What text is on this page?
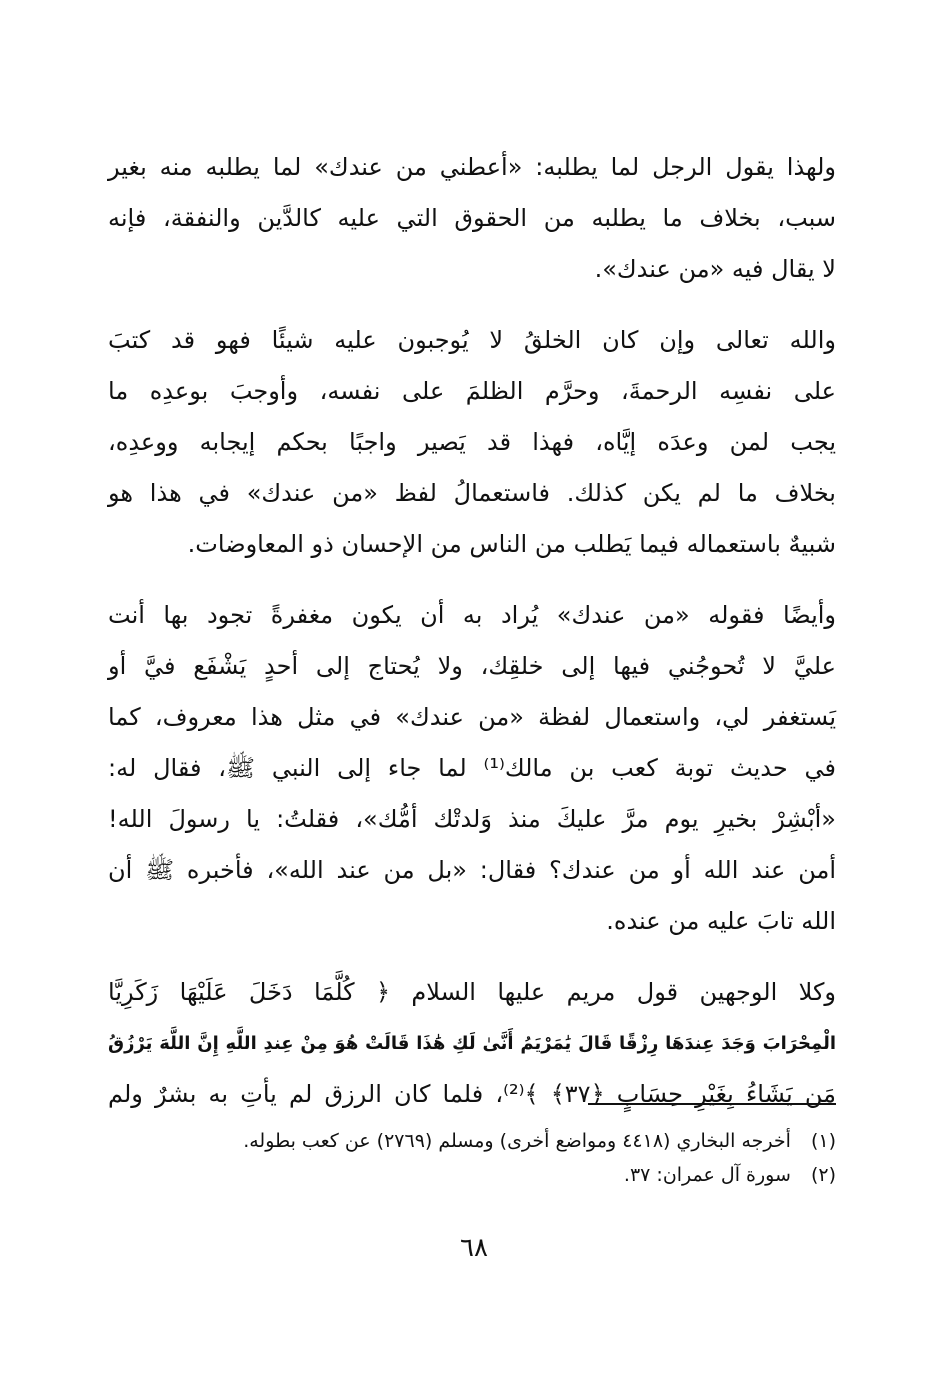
ولهذا يقول الرجل لما يطلبه: «أعطني من عندك» لما يطلبه منه بغير
سبب، بخلاف ما يطلبه من الحقوق التي عليه كالدَّين والنفقة، فإنه
لا يقال فيه «من عندك».
والله تعالى وإن كان الخلقُ لا يُوجبون عليه شيئًا فهو قد كتبَ
على نفسِه الرحمةَ، وحرَّم الظلمَ على نفسه، وأوجبَ بوعدِه ما
يجب لمن وعدَه إيَّاه، فهذا قد يَصير واجبًا بحكم إيجابه ووعدِه،
بخلاف ما لم يكن كذلك. فاستعمالُ لفظ «من عندك» في هذا هو
شبيهٌ باستعماله فيما يَطلب من الناس من الإحسان ذو المعاوضات.
وأيضًا فقوله «من عندك» يُراد به أن يكون مغفرةً تجود بها أنت
عليَّ لا تُحوجُني فيها إلى خلقِك، ولا يُحتاج إلى أحدٍ يَشْفَع فيَّ أو
يَستغفر لي، واستعمال لفظة «من عندك» في مثل هذا معروف، كما
في حديث توبة كعب بن مالك⁽¹⁾ لما جاء إلى النبي ﷺ، فقال له:
«أبْشِرْ بخيرِ يوم مرَّ عليكَ منذ وَلدتْك أمُّك»، فقلتُ: يا رسولَ الله!
أمن عند الله أو من عندك؟ فقال: «بل من عند الله»، فأخبره ﷺ أن
الله تابَ عليه من عنده.
وكلا الوجهين قول مريم عليها السلام ﴿ كُلَّمَا دَخَلَ عَلَيْهَا زَكَرِيَّا
الْمِحْرَابَ وَجَدَ عِندَهَا رِزْقًا قَالَ يَٰمَرْيَمُ أَنَّىٰ لَكِ هَٰذَا قَالَتْ هُوَ مِنْ عِندِ اللَّهِ إِنَّ اللَّهَ يَرْزُقُ
مَن يَشَاءُ بِغَيْرِ حِسَابٍ ﴿٣٧﴾ ﴾⁽²⁾، فلما كان الرزق لم يأتِ به بشرٌ ولم
(١) أخرجه البخاري (٤٤١٨ ومواضع أخرى) ومسلم (٢٧٦٩) عن كعب بطوله.
(٢) سورة آل عمران: ٣٧.
٦٨
